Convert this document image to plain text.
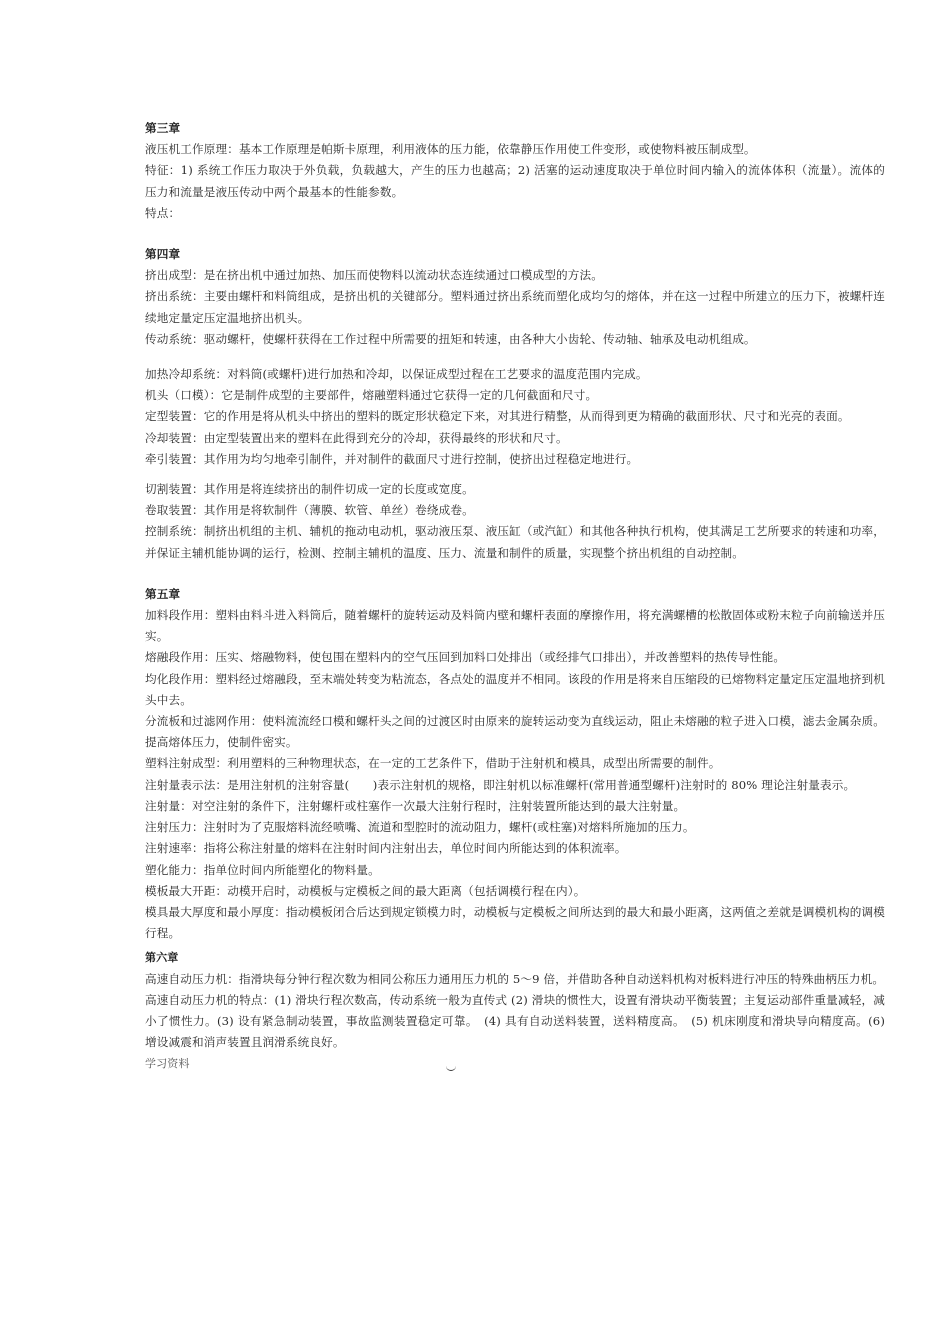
第三章

液压机工作原理：基本工作原理是帕斯卡原理，利用液体的压力能，依靠静压作用使工件变形，或使物料被压制成型。

特征：1) 系统工作压力取决于外负载，负载越大，产生的压力也越高；2) 活塞的运动速度取决于单位时间内输入的流体体积（流量）。流体的压力和流量是液压传动中两个最基本的性能参数。

特点：

第四章

挤出成型：是在挤出机中通过加热、加压而使物料以流动状态连续通过口模成型的方法。

挤出系统：主要由螺杆和料筒组成，是挤出机的关键部分。塑料通过挤出系统而塑化成均匀的熔体，并在这一过程中所建立的压力下，被螺杆连续地定量定压定温地挤出机头。

传动系统：驱动螺杆，使螺杆获得在工作过程中所需要的扭矩和转速，由各种大小齿轮、传动轴、轴承及电动机组成。

加热冷却系统：对料筒(或螺杆)进行加热和冷却，以保证成型过程在工艺要求的温度范围内完成。

机头（口模）：它是制件成型的主要部件，熔融塑料通过它获得一定的几何截面和尺寸。

定型装置：它的作用是将从机头中挤出的塑料的既定形状稳定下来，对其进行精整，从而得到更为精确的截面形状、尺寸和光亮的表面。

冷却装置：由定型装置出来的塑料在此得到充分的冷却，获得最终的形状和尺寸。

牵引装置：其作用为均匀地牵引制件，并对制件的截面尺寸进行控制，使挤出过程稳定地进行。

切割装置：其作用是将连续挤出的制件切成一定的长度或宽度。

卷取装置：其作用是将软制件（薄膜、软管、单丝）卷绕成卷。

控制系统：制挤出机组的主机、辅机的拖动电动机，驱动液压泵、液压缸（或汽缸）和其他各种执行机构，使其满足工艺所要求的转速和功率，并保证主辅机能协调的运行，检测、控制主辅机的温度、压力、流量和制件的质量，实现整个挤出机组的自动控制。

第五章

加料段作用：塑料由料斗进入料筒后，随着螺杆的旋转运动及料筒内壁和螺杆表面的摩擦作用，将充满螺槽的松散固体或粉末粒子向前输送并压实。

熔融段作用：压实、熔融物料，使包围在塑料内的空气压回到加料口处排出（或经排气口排出），并改善塑料的热传导性能。

均化段作用：塑料经过熔融段，至末端处转变为粘流态，各点处的温度并不相同。该段的作用是将来自压缩段的已熔物料定量定压定温地挤到机头中去。

分流板和过滤网作用：使料流流经口模和螺杆头之间的过渡区时由原来的旋转运动变为直线运动，阻止未熔融的粒子进入口模，滤去金属杂质。提高熔体压力，使制件密实。

塑料注射成型：利用塑料的三种物理状态，在一定的工艺条件下，借助于注射机和模具，成型出所需要的制件。

注射量表示法：是用注射机的注射容量(　　)表示注射机的规格，即注射机以标准螺杆(常用普通型螺杆)注射时的 80% 理论注射量表示。

注射量：对空注射的条件下，注射螺杆或柱塞作一次最大注射行程时，注射装置所能达到的最大注射量。

注射压力：注射时为了克服熔料流经喷嘴、流道和型腔时的流动阻力，螺杆(或柱塞)对熔料所施加的压力。

注射速率：指将公称注射量的熔料在注射时间内注射出去，单位时间内所能达到的体积流率。

塑化能力：指单位时间内所能塑化的物料量。

模板最大开距：动模开启时，动模板与定模板之间的最大距离（包括调模行程在内）。

模具最大厚度和最小厚度：指动模板闭合后达到规定锁模力时，动模板与定模板之间所达到的最大和最小距离，这两值之差就是调模机构的调模行程。

第六章

高速自动压力机：指滑块每分钟行程次数为相同公称压力通用压力机的 5～9 倍，并借助各种自动送料机构对板料进行冲压的特殊曲柄压力机。

高速自动压力机的特点：(1) 滑块行程次数高，传动系统一般为直传式 (2) 滑块的惯性大，设置有滑块动平衡装置；主复运动部件重量减轻，减小了惯性力。(3) 设有紧急制动装置，事故监测装置稳定可靠。　(4) 具有自动送料装置，送料精度高。　(5) 机床刚度和滑块导向精度高。(6) 增设减震和消声装置且润滑系统良好。

学习资料
